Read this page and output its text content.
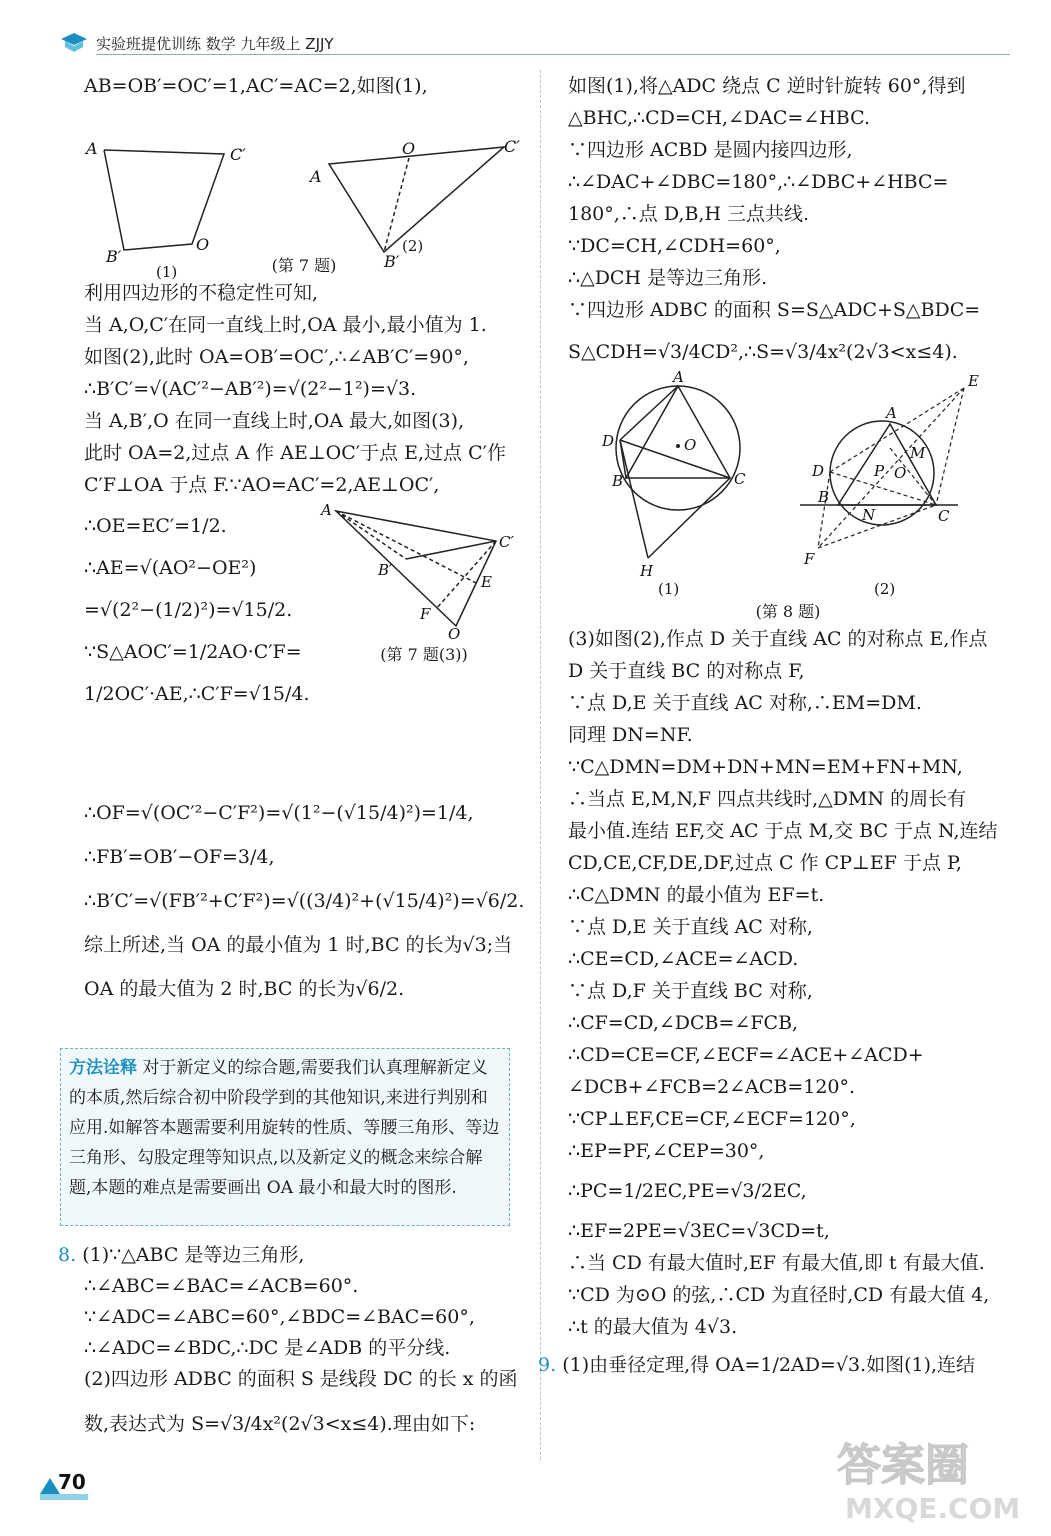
实验班提优训练 数学 九年级上 ZJJY
AB=OB′=OC′=1,AC′=AC=2,如图(1),
A	C′
O
B′
A
O	C′
B′
(1)	(第 7 题)
(2)
利用四边形的不稳定性可知,
当 A,O,C′在同一直线上时,OA 最小,最小值为 1.
如图(2),此时 OA=OB′=OC′,∴∠AB′C′=90°,
∴B′C′=√(AC′²−AB′²)=√(2²−1²)=√3.
当 A,B′,O 在同一直线上时,OA 最大,如图(3),
此时 OA=2,过点 A 作 AE⊥OC′于点 E,过点 C′作
C′F⊥OA 于点 F.∵AO=AC′=2,AE⊥OC′,
∴OE=EC′=1/2.
∴AE=√(AO²−OE²)
=√(2²−(1/2)²)=√15/2.
∵S△AOC′=1/2AO·C′F=
1/2OC′·AE,∴C′F=√15/4.
A
C′
B′
E
F
O
(第 7 题(3))
∴OF=√(OC′²−C′F²)=√(1²−(√15/4)²)=1/4,
∴FB′=OB′−OF=3/4,
∴B′C′=√(FB′²+C′F²)=√((3/4)²+(√15/4)²)=√6/2.
综上所述,当 OA 的最小值为 1 时,BC 的长为√3;当
OA 的最大值为 2 时,BC 的长为√6/2.
方法诠释 对于新定义的综合题,需要我们认真理解新定义的本质,然后综合初中阶段学到的其他知识,来进行判别和应用.如解答本题需要利用旋转的性质、等腰三角形、等边三角形、勾股定理等知识点,以及新定义的概念来综合解题,本题的难点是需要画出 OA 最小和最大时的图形.
8. (1)∵△ABC 是等边三角形,
∴∠ABC=∠BAC=∠ACB=60°.
∵∠ADC=∠ABC=60°,∠BDC=∠BAC=60°,
∴∠ADC=∠BDC,∴DC 是∠ADB 的平分线.
(2)四边形 ADBC 的面积 S 是线段 DC 的长 x 的函
数,表达式为 S=√3/4x²(2√3<x≤4).理由如下:
如图(1),将△ADC 绕点 C 逆时针旋转 60°,得到
△BHC,∴CD=CH,∠DAC=∠HBC.
∵四边形 ACBD 是圆内接四边形,
∴∠DAC+∠DBC=180°,∴∠DBC+∠HBC=
180°,∴点 D,B,H 三点共线.
∵DC=CH,∠CDH=60°,
∴△DCH 是等边三角形.
∵四边形 ADBC 的面积 S=S△ADC+S△BDC=
S△CDH=√3/4CD²,∴S=√3/4x²(2√3<x≤4).
A
D
B	C
O
H
A
D
B
C
E
F
M
N
P O
(1)	(2)
(第 8 题)
(3)如图(2),作点 D 关于直线 AC 的对称点 E,作点
D 关于直线 BC 的对称点 F,
∵点 D,E 关于直线 AC 对称,∴EM=DM.
同理 DN=NF.
∵C△DMN=DM+DN+MN=EM+FN+MN,
∴当点 E,M,N,F 四点共线时,△DMN 的周长有
最小值.连结 EF,交 AC 于点 M,交 BC 于点 N,连结
CD,CE,CF,DE,DF,过点 C 作 CP⊥EF 于点 P,
∴C△DMN 的最小值为 EF=t.
∵点 D,E 关于直线 AC 对称,
∴CE=CD,∠ACE=∠ACD.
∵点 D,F 关于直线 BC 对称,
∴CF=CD,∠DCB=∠FCB,
∴CD=CE=CF,∠ECF=∠ACE+∠ACD+
∠DCB+∠FCB=2∠ACB=120°.
∵CP⊥EF,CE=CF,∠ECF=120°,
∴EP=PF,∠CEP=30°,
∴PC=1/2EC,PE=√3/2EC,
∴EF=2PE=√3EC=√3CD=t,
∴当 CD 有最大值时,EF 有最大值,即 t 有最大值.
∵CD 为⊙O 的弦,∴CD 为直径时,CD 有最大值 4,
∴t 的最大值为 4√3.
9. (1)由垂径定理,得 OA=1/2AD=√3.如图(1),连结
70	答案圈
MXQE.COM
